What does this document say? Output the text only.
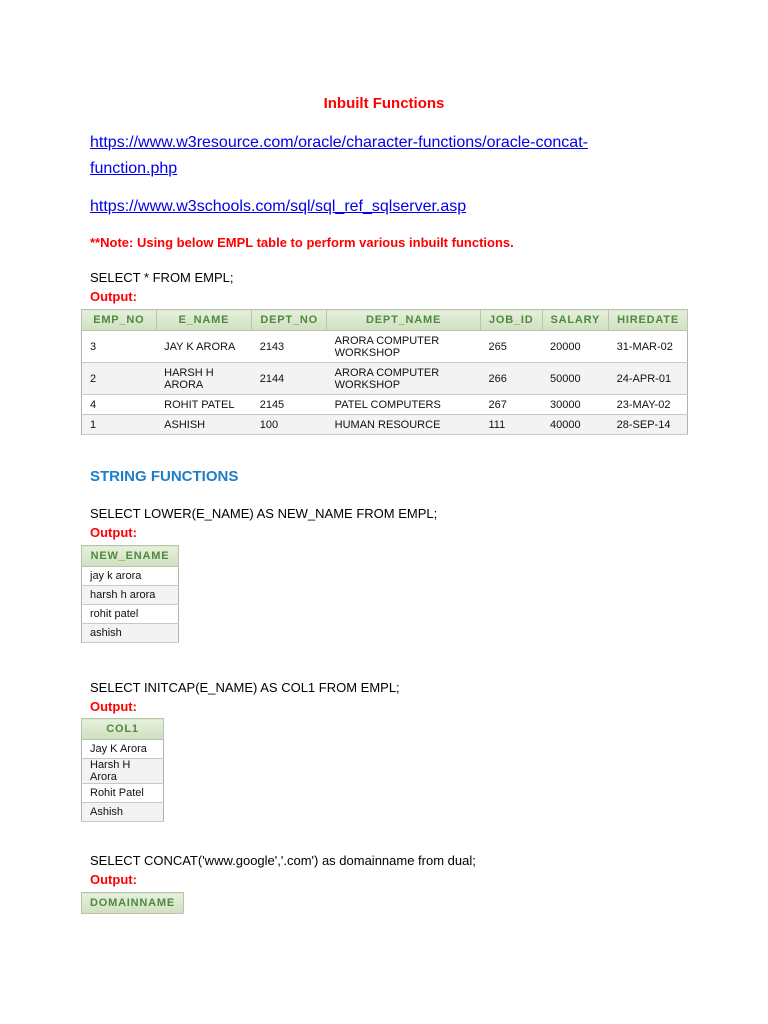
Inbuilt Functions
https://www.w3resource.com/oracle/character-functions/oracle-concat-function.php
https://www.w3schools.com/sql/sql_ref_sqlserver.asp
**Note: Using below EMPL table to perform various inbuilt functions.
SELECT * FROM EMPL;
Output:
EMP_NO	E_NAME	DEPT_NO	DEPT_NAME	JOB_ID	SALARY	HIREDATE
3	JAY K ARORA	2143	ARORA COMPUTER WORKSHOP	265	20000	31-MAR-02
2	HARSH H ARORA	2144	ARORA COMPUTER WORKSHOP	266	50000	24-APR-01
4	ROHIT PATEL	2145	PATEL COMPUTERS	267	30000	23-MAY-02
1	ASHISH	100	HUMAN RESOURCE	111	40000	28-SEP-14
STRING FUNCTIONS
SELECT LOWER(E_NAME) AS NEW_NAME FROM EMPL;
Output:
NEW_ENAME
jay k arora
harsh h arora
rohit patel
ashish
SELECT INITCAP(E_NAME) AS COL1 FROM EMPL;
Output:
COL1
Jay K Arora
Harsh H Arora
Rohit Patel
Ashish
SELECT CONCAT('www.google','.com') as domainname from dual;
Output:
DOMAINNAME
